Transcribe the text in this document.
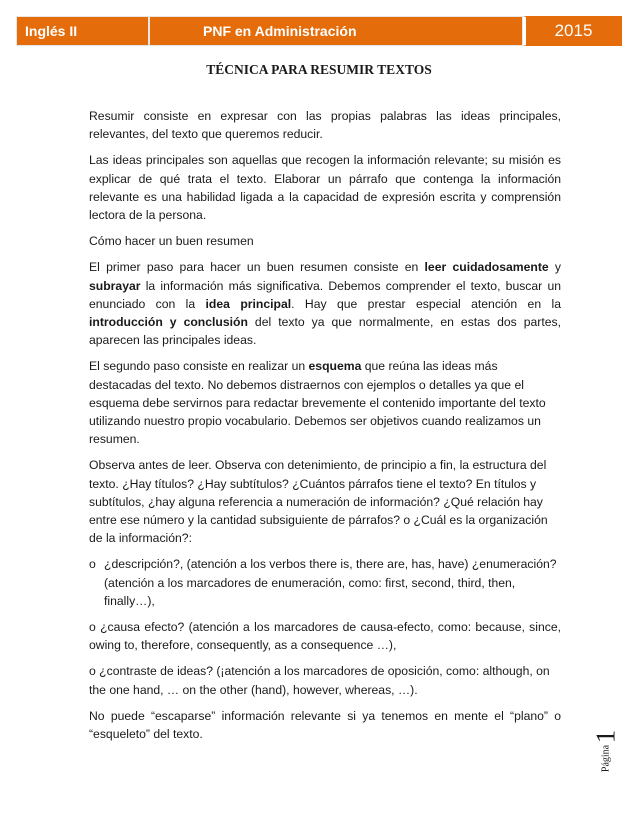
Inglés II	PNF en Administración	2015
TÉCNICA PARA RESUMIR TEXTOS

Resumir consiste en expresar con las propias palabras las ideas principales, relevantes, del texto que queremos reducir.

Las ideas principales son aquellas que recogen la información relevante; su misión es explicar de qué trata el texto. Elaborar un párrafo que contenga la información relevante es una habilidad ligada a la capacidad de expresión escrita y comprensión lectora de la persona.

Cómo hacer un buen resumen

El primer paso para hacer un buen resumen consiste en leer cuidadosamente y subrayar la información más significativa. Debemos comprender el texto, buscar un enunciado con la idea principal. Hay que prestar especial atención en la introducción y conclusión del texto ya que normalmente, en estas dos partes, aparecen las principales ideas.

El segundo paso consiste en realizar un esquema que reúna las ideas más destacadas del texto. No debemos distraernos con ejemplos o detalles ya que el esquema debe servirnos para redactar brevemente el contenido importante del texto utilizando nuestro propio vocabulario. Debemos ser objetivos cuando realizamos un resumen.

Observa antes de leer. Observa con detenimiento, de principio a fin, la estructura del texto. ¿Hay títulos? ¿Hay subtítulos? ¿Cuántos párrafos tiene el texto? En títulos y subtítulos, ¿hay alguna referencia a numeración de información? ¿Qué relación hay entre ese número y la cantidad subsiguiente de párrafos? o ¿Cuál es la organización de la información?:

o ¿descripción?, (atención a los verbos there is, there are, has, have) ¿enumeración? (atención a los marcadores de enumeración, como: first, second, third, then, finally…),

o ¿causa efecto? (atención a los marcadores de causa-efecto, como: because, since, owing to, therefore, consequently, as a consequence …),

o ¿contraste de ideas? (¡atención a los marcadores de oposición, como: although, on the one hand, … on the other (hand), however, whereas, …).

No puede “escaparse” información relevante si ya tenemos en mente el “plano” o “esqueleto” del texto.	1
Página
